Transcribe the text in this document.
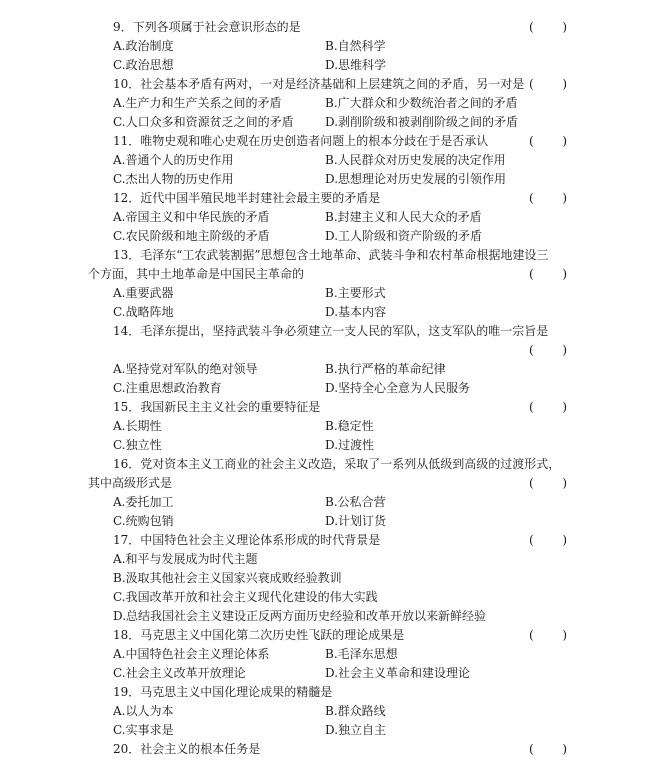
9．下列各项属于社会意识形态的是	( )
A.政治制度	B.自然科学
C.政治思想	D.思维科学
10．社会基本矛盾有两对，一对是经济基础和上层建筑之间的矛盾，另一对是 ( )
A.生产力和生产关系之间的矛盾	B.广大群众和少数统治者之间的矛盾
C.人口众多和资源贫乏之间的矛盾	D.剥削阶级和被剥削阶级之间的矛盾
11．唯物史观和唯心史观在历史创造者问题上的根本分歧在于是否承认	( )
A.普通个人的历史作用	B.人民群众对历史发展的决定作用
C.杰出人物的历史作用	D.思想理论对历史发展的引领作用
12．近代中国半殖民地半封建社会最主要的矛盾是	( )
A.帝国主义和中华民族的矛盾	B.封建主义和人民大众的矛盾
C.农民阶级和地主阶级的矛盾	D.工人阶级和资产阶级的矛盾
13．毛泽东“工农武装割据”思想包含土地革命、武装斗争和农村革命根据地建设三
个方面，其中土地革命是中国民主革命的	( )
A.重要武器	B.主要形式
C.战略阵地	D.基本内容
14．毛泽东提出，坚持武装斗争必须建立一支人民的军队，这支军队的唯一宗旨是
( )
A.坚持党对军队的绝对领导	B.执行严格的革命纪律
C.注重思想政治教育	D.坚持全心全意为人民服务
15．我国新民主主义社会的重要特征是	( )
A.长期性	B.稳定性
C.独立性	D.过渡性
16．党对资本主义工商业的社会主义改造，采取了一系列从低级到高级的过渡形式，
其中高级形式是	( )
A.委托加工	B.公私合营
C.统购包销	D.计划订货
17．中国特色社会主义理论体系形成的时代背景是	( )
A.和平与发展成为时代主题
B.汲取其他社会主义国家兴衰成败经验教训
C.我国改革开放和社会主义现代化建设的伟大实践
D.总结我国社会主义建设正反两方面历史经验和改革开放以来新鲜经验
18．马克思主义中国化第二次历史性飞跃的理论成果是	( )
A.中国特色社会主义理论体系	B.毛泽东思想
C.社会主义改革开放理论	D.社会主义革命和建设理论
19．马克思主义中国化理论成果的精髓是
A.以人为本	B.群众路线
C.实事求是	D.独立自主
20．社会主义的根本任务是	( )
